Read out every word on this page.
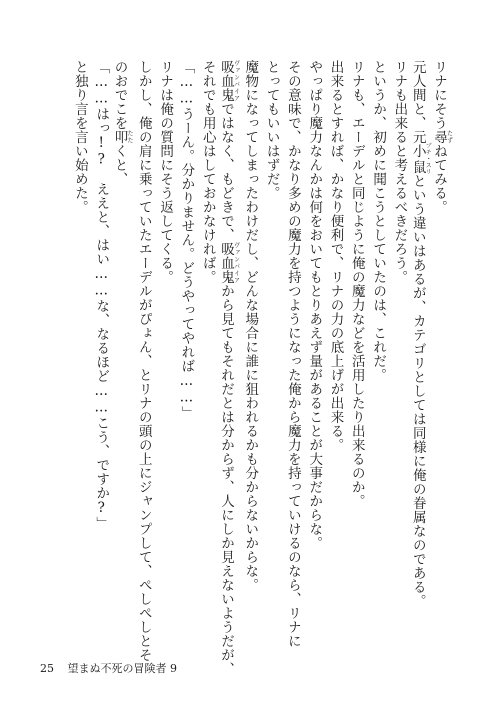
リナにそう尋たずねてみる。
元人間と、元小鼠プチ・スリという違いはあるが、カテゴリとしては同様に俺の眷属なのである。
リナも出来ると考えるべきだろう。
というか、初めに聞こうとしていたのは、これだ。
リナも、エーデルと同じように俺の魔力などを活用したり出来るのか。
出来るとすれば、かなり便利で、リナの力の底上げが出来る。
やっぱり魔力なんかは何をおいてもとりあえず量があることが大事だからな。
その意味で、かなり多めの魔力を持つようになった俺から魔力を持っていけるのなら、リナに
とってもいいはずだ。
魔物になってしまったわけだし、どんな場合に誰に狙われるかも分からないからな。
吸血鬼ヴァンパイアではなく、もどきで、吸血鬼ヴァンパイアから見てもそれだとは分からず、人にしか見えないようだが、
それでも用心はしておかなければ。
「……うーん。分かりません。どうやってやれば……」
リナは俺の質問にそう返してくる。
しかし、俺の肩に乗っていたエーデルがぴょん、とリナの頭の上にジャンプして、ぺしぺしとそ
のおでこを叩たたくと、
「……はっ!?　ええと、はい……な、なるほど……こう、ですか?」
と独り言を言い始めた。
25 望まぬ不死の冒険者 9
